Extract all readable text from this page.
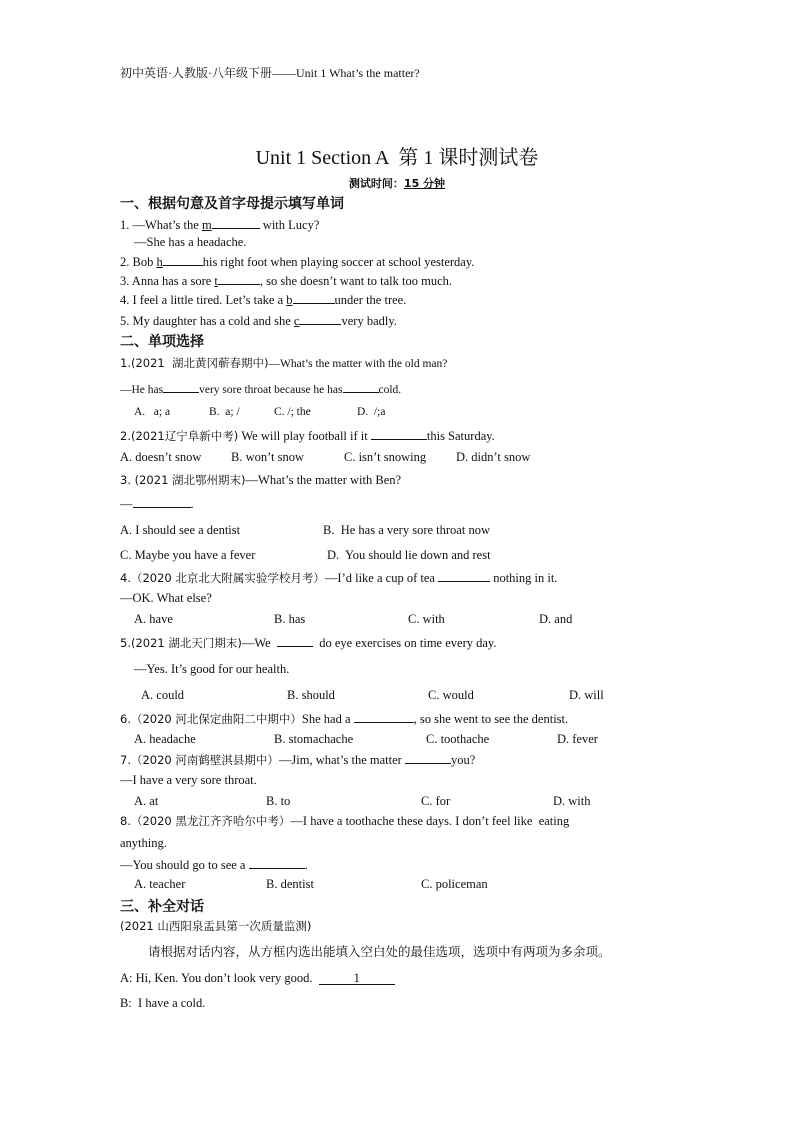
初中英语·人教版·八年级下册——Unit 1 What’s the matter?
Unit 1 Section A  第 1 课时测试卷
测试时间：15 分钟
一、根据句意及首字母提示填写单词
1. —What’s the m	with Lucy?
—She has a headache.
2. Bob h	his right foot when playing soccer at school yesterday.
3. Anna has a sore t	, so she doesn’t want to talk too much.
4. I feel a little tired. Let’s take a b	under the tree.
5. My daughter has a cold and she c	very badly.
二、单项选择
1.(2021  湖北黄冈蕲春期中)—What’s the matter with the old man?
—He has	very sore throat because he has	cold.
A.   a; a	B.  a; /	C. /; the	D.  /;a
2.(2021辽宁阜新中考) We will play football if it	this Saturday.
A. doesn’t snow B. won’t snow	C. isn’t snowing D. didn’t snow
3. (2021 湖北鄂州期末)—What’s the matter with Ben?
—	.
A. I should see a dentist	B.  He has a very sore throat now
C. Maybe you have a fever	D.  You should lie down and rest
4.（2020 北京北大附属实验学校月考）—I’d like a cup of tea	nothing in it.
—OK. What else?
A. have	B. has	C. with	D. and
5.(2021 湖北天门期末)—We	do eye exercises on time every day.
—Yes. It’s good for our health.
A. could	B. should	C. would	D. will
6.（2020 河北保定曲阳二中期中）She had a	, so she went to see the dentist.
A. headache	B. stomachache	C. toothache	D. fever
7.（2020 河南鹤壁淇县期中）—Jim, what’s the matter	you?
—I have a very sore throat.
A. at	B. to	C. for	D. with
8.（2020 黑龙江齐齐哈尔中考）—I have a toothache these days. I don’t feel like  eating
anything.
—You should go to see a	.
A. teacher	B. dentist	C. policeman
三、补全对话
(2021 山西阳泉盂县第一次质量监测)
请根据对话内容，从方框内选出能填入空白处的最佳选项，选项中有两项为多余项。
A: Hi, Ken. You don’t look very good.	1
B:  I have a cold.
